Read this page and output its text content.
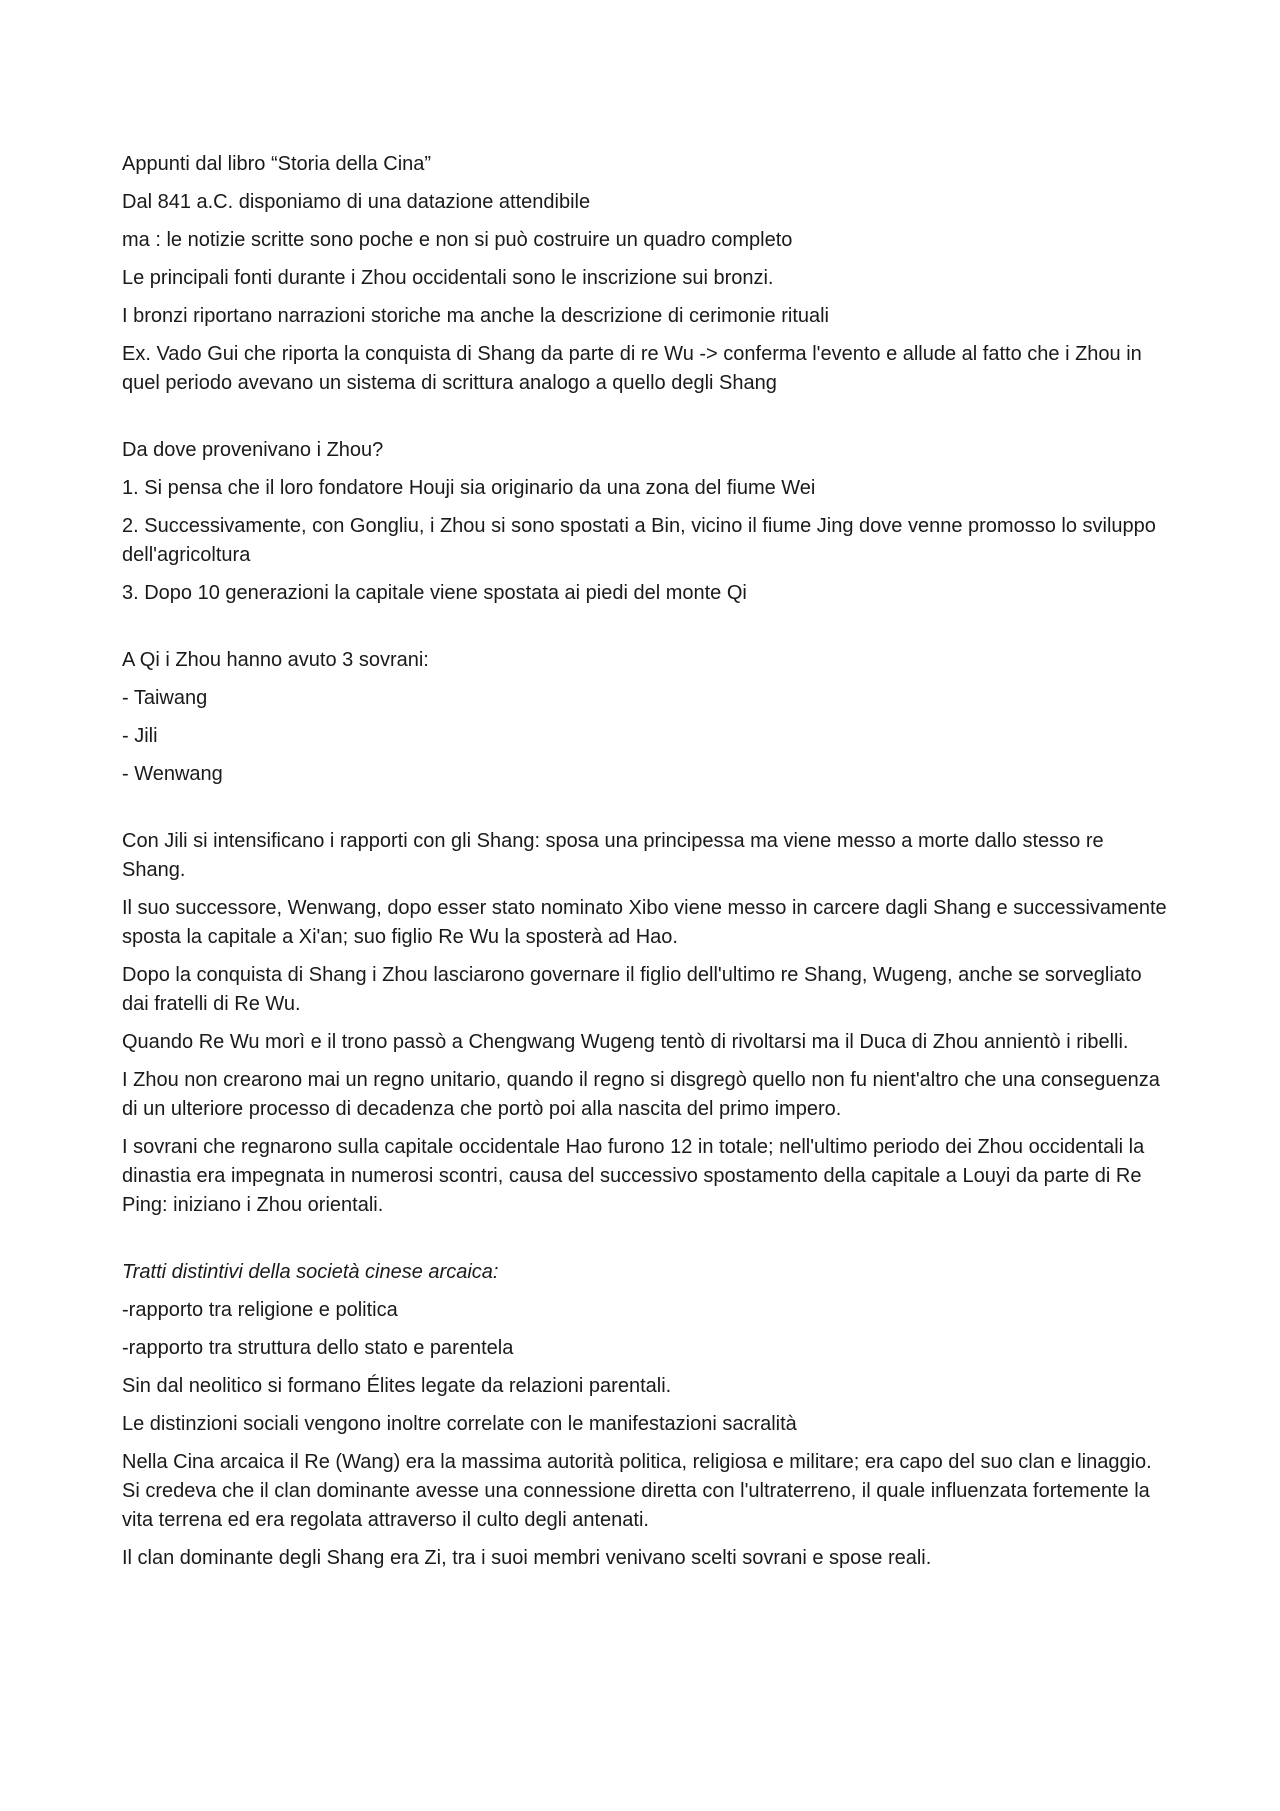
Appunti dal libro “Storia della Cina”

Dal 841 a.C. disponiamo di una datazione attendibile

ma : le notizie scritte sono poche e non si può costruire un quadro completo

Le principali fonti durante i Zhou occidentali sono le inscrizione sui bronzi.

I bronzi riportano narrazioni storiche ma anche la descrizione di cerimonie rituali

Ex. Vado Gui che riporta la conquista di Shang da parte di re Wu -> conferma l'evento e allude al fatto che i Zhou in quel periodo avevano un sistema di scrittura analogo a quello degli Shang

Da dove provenivano i Zhou?

1. Si pensa che il loro fondatore Houji sia originario da una zona del fiume Wei

2. Successivamente, con Gongliu, i Zhou si sono spostati a Bin, vicino il fiume Jing dove venne promosso lo sviluppo dell'agricoltura

3. Dopo 10 generazioni la capitale viene spostata ai piedi del monte Qi

A Qi i Zhou hanno avuto 3 sovrani:

- Taiwang

- Jili

- Wenwang

Con Jili si intensificano i rapporti con gli Shang: sposa una principessa ma viene messo a morte dallo stesso re Shang.

Il suo successore, Wenwang, dopo esser stato nominato Xibo viene messo in carcere dagli Shang e successivamente sposta la capitale a Xi'an; suo figlio Re Wu la sposterà ad Hao.

Dopo la conquista di Shang i Zhou lasciarono governare il figlio dell'ultimo re Shang, Wugeng, anche se sorvegliato dai fratelli di Re Wu.

Quando Re Wu morì e il trono passò a Chengwang Wugeng tentò di rivoltarsi ma il Duca di Zhou annientò i ribelli.

I Zhou non crearono mai un regno unitario, quando il regno si disgregò quello non fu nient'altro che una conseguenza di un ulteriore processo di decadenza che portò poi alla nascita del primo impero.

I sovrani che regnarono sulla capitale occidentale Hao furono 12 in totale; nell'ultimo periodo dei Zhou occidentali la dinastia era impegnata in numerosi scontri, causa del successivo spostamento della capitale a Louyi da parte di Re Ping: iniziano i Zhou orientali.

Tratti distintivi della società cinese arcaica:

-rapporto tra religione e politica

-rapporto tra struttura dello stato e parentela

Sin dal neolitico si formano Élites legate da relazioni parentali.

Le distinzioni sociali vengono inoltre correlate con le manifestazioni sacralità

Nella Cina arcaica il Re (Wang) era la massima autorità politica, religiosa e militare; era capo del suo clan e linaggio. Si credeva che il clan dominante avesse una connessione diretta con l'ultraterreno, il quale influenzata fortemente la vita terrena ed era regolata attraverso il culto degli antenati.

Il clan dominante degli Shang era Zi, tra i suoi membri venivano scelti sovrani e spose reali.
